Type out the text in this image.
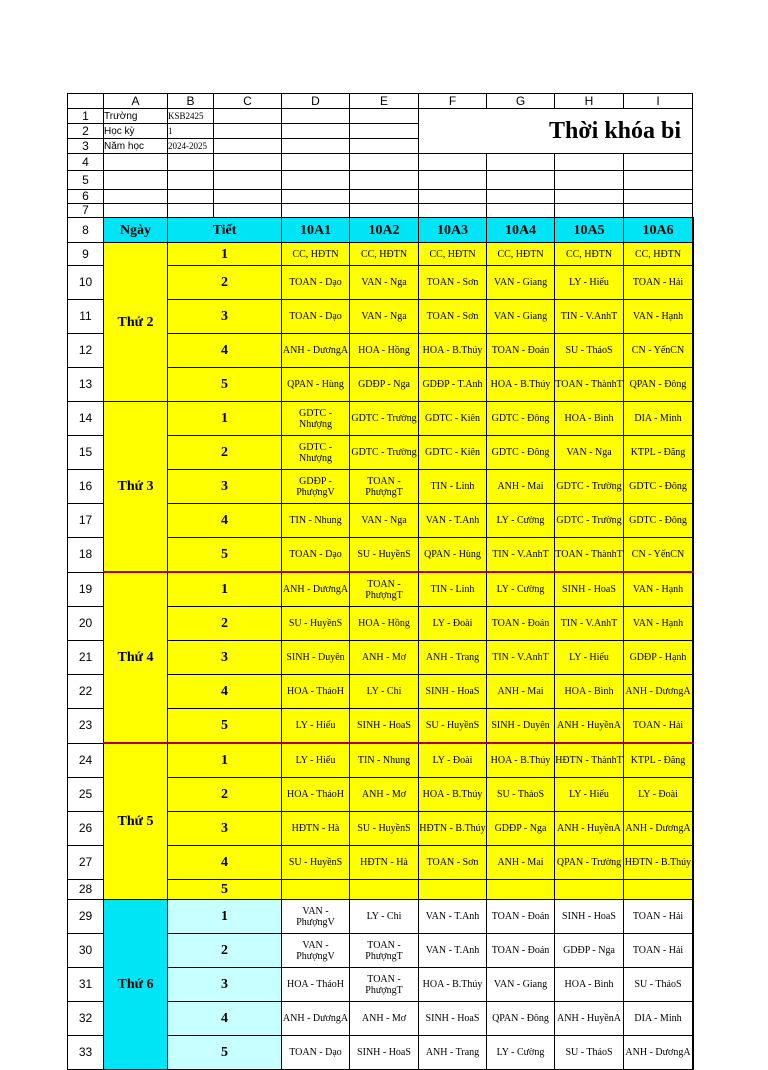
	A	B	C	D	E	F	G	H	I	
1	Trường	KSB2425				Thời khóa bi				
2	Học kỳ	1								
3	Năm học	2024-2025								
4										
5										
6										
7										
8	Ngày	Tiết		10A1	10A2	10A3	10A4	10A5	10A6	
9	Thứ 2	1		CC, HĐTN	CC, HĐTN	CC, HĐTN	CC, HĐTN	CC, HĐTN	CC, HĐTN	
10		2		TOAN - Dạo	VAN - Nga	TOAN - Sơn	VAN - Giang	LY - Hiếu	TOAN - Hải	
11		3		TOAN - Dạo	VAN - Nga	TOAN - Sơn	VAN - Giang	TIN - V.AnhT	VAN - Hạnh	
12		4		ANH - DươngA	HOA - Hồng	HOA - B.Thúy	TOAN - Đoán	SU - ThảoS	CN - YếnCN	
13		5		QPAN - Hùng	GDĐP - Nga	GDĐP - T.Anh	HOA - B.Thúy	TOAN - ThànhT	QPAN - Đông	
14	Thứ 3	1		GDTC - Nhượng	GDTC - Trường	GDTC - Kiên	GDTC - Đông	HOA - Bình	DIA - Minh	
15		2		GDTC - Nhượng	GDTC - Trường	GDTC - Kiên	GDTC - Đông	VAN - Nga	KTPL - Đăng	
16		3		GDĐP - PhượngV	TOAN - PhượngT	TIN - Linh	ANH - Mai	GDTC - Trường	GDTC - Đông	
17		4		TIN - Nhung	VAN - Nga	VAN - T.Anh	LY - Cường	GDTC - Trường	GDTC - Đông	
18		5		TOAN - Dạo	SU - HuyềnS	QPAN - Hùng	TIN - V.AnhT	TOAN - ThànhT	CN - YếnCN	
19	Thứ 4	1		ANH - DươngA	TOAN - PhượngT	TIN - Linh	LY - Cường	SINH - HoaS	VAN - Hạnh	
20		2		SU - HuyềnS	HOA - Hồng	LY - Đoài	TOAN - Đoán	TIN - V.AnhT	VAN - Hạnh	
21		3		SINH - Duyên	ANH - Mơ	ANH - Trang	TIN - V.AnhT	LY - Hiếu	GDĐP - Hạnh	
22		4		HOA - ThảoH	LY - Chi	SINH - HoaS	ANH - Mai	HOA - Bình	ANH - DươngA	
23		5		LY - Hiếu	SINH - HoaS	SU - HuyềnS	SINH - Duyên	ANH - HuyềnA	TOAN - Hải	
24	Thứ 5	1		LY - Hiếu	TIN - Nhung	LY - Đoài	HOA - B.Thúy	HĐTN - ThànhT	KTPL - Đăng	
25		2		HOA - ThảoH	ANH - Mơ	HOA - B.Thúy	SU - ThảoS	LY - Hiếu	LY - Đoài	
26		3		HĐTN - Hà	SU - HuyềnS	HĐTN - B.Thúy	GDĐP - Nga	ANH - HuyềnA	ANH - DươngA	
27		4		SU - HuyềnS	HĐTN - Hà	TOAN - Sơn	ANH - Mai	QPAN - Trường	HĐTN - B.Thúy	
28		5								
29	Thứ 6	1		VAN - PhượngV	LY - Chi	VAN - T.Anh	TOAN - Đoán	SINH - HoaS	TOAN - Hải	
30		2		VAN - PhượngV	TOAN - PhượngT	VAN - T.Anh	TOAN - Đoán	GDĐP - Nga	TOAN - Hải	
31		3		HOA - ThảoH	TOAN - PhượngT	HOA - B.Thúy	VAN - Giang	HOA - Bình	SU - ThảoS	
32		4		ANH - DươngA	ANH - Mơ	SINH - HoaS	QPAN - Đông	ANH - HuyềnA	DIA - Minh	
33		5		TOAN - Dạo	SINH - HoaS	ANH - Trang	LY - Cường	SU - ThảoS	ANH - DươngA	
